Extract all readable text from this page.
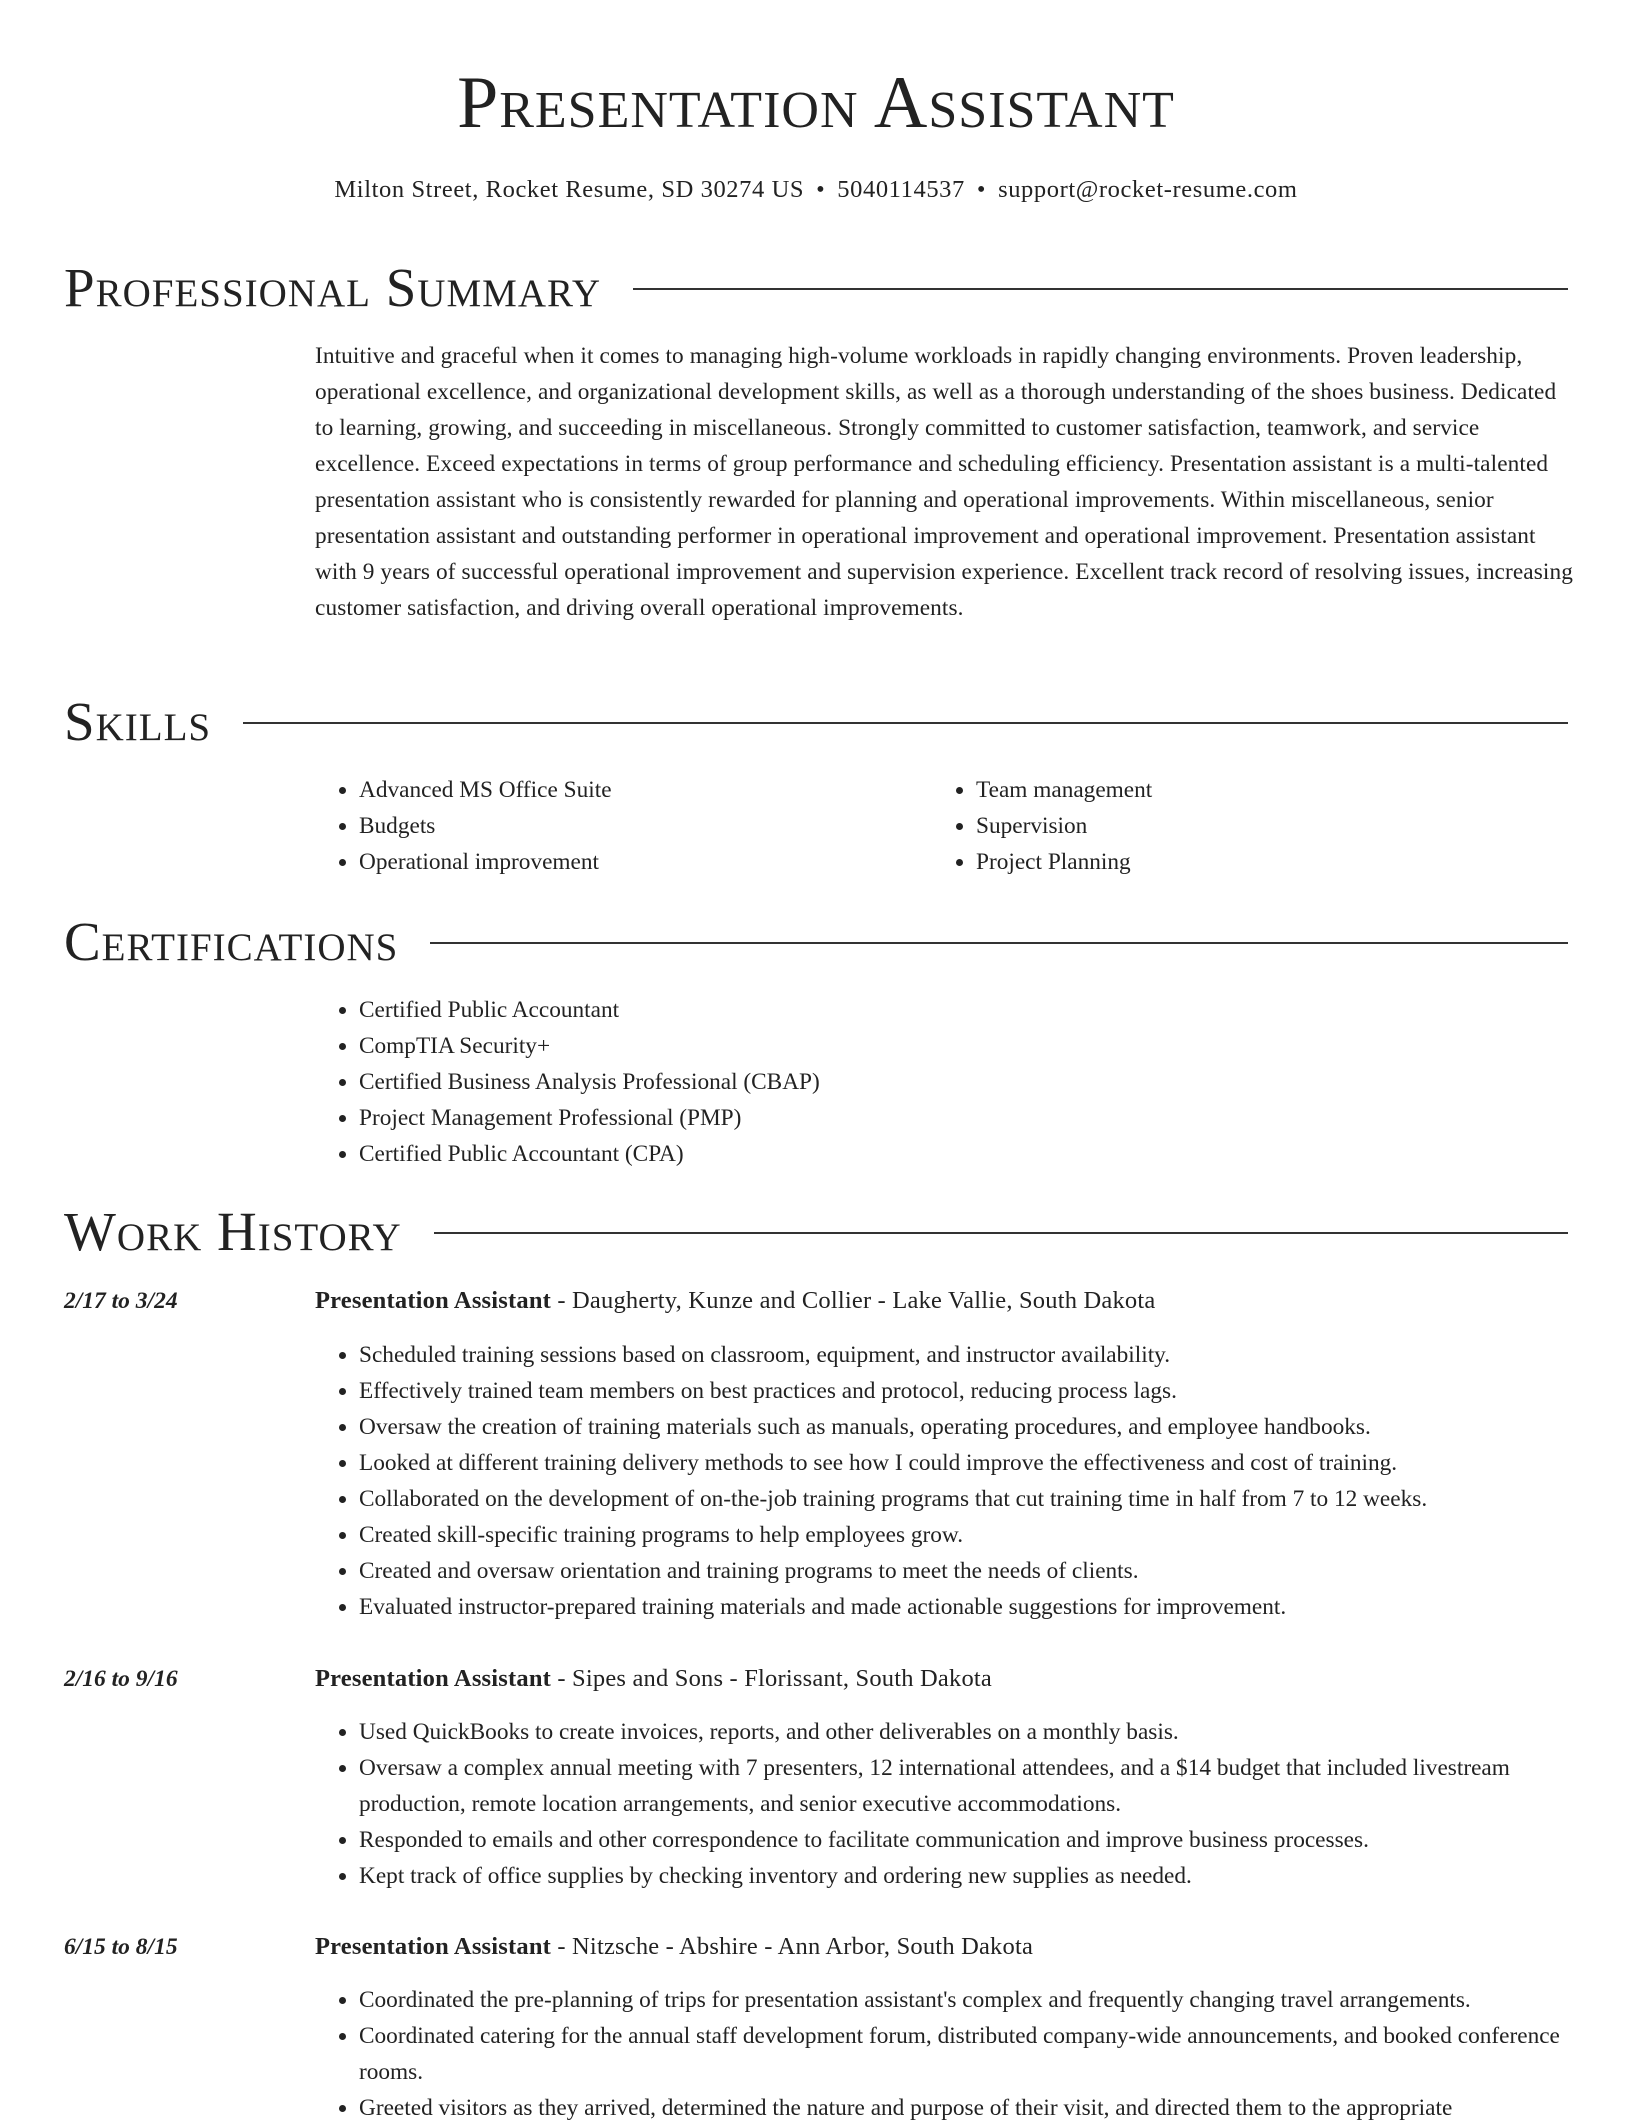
Presentation Assistant
Milton Street, Rocket Resume, SD 30274 US • 5040114537 • support@rocket-resume.com
Professional Summary

Intuitive and graceful when it comes to managing high-volume workloads in rapidly changing environments. Proven leadership, operational excellence, and organizational development skills, as well as a thorough understanding of the shoes business. Dedicated to learning, growing, and succeeding in miscellaneous. Strongly committed to customer satisfaction, teamwork, and service excellence. Exceed expectations in terms of group performance and scheduling efficiency. Presentation assistant is a multi-talented presentation assistant who is consistently rewarded for planning and operational improvements. Within miscellaneous, senior presentation assistant and outstanding performer in operational improvement and operational improvement. Presentation assistant with 9 years of successful operational improvement and supervision experience. Excellent track record of resolving issues, increasing customer satisfaction, and driving overall operational improvements.

Skills
• Advanced MS Office Suite
• Budgets
• Operational improvement
• Team management
• Supervision
• Project Planning
Certifications
• Certified Public Accountant
• CompTIA Security+
• Certified Business Analysis Professional (CBAP)
• Project Management Professional (PMP)
• Certified Public Accountant (CPA)
Work History
2/17 to 3/24	Presentation Assistant - Daugherty, Kunze and Collier - Lake Vallie, South Dakota
• Scheduled training sessions based on classroom, equipment, and instructor availability.
• Effectively trained team members on best practices and protocol, reducing process lags.
• Oversaw the creation of training materials such as manuals, operating procedures, and employee handbooks.
• Looked at different training delivery methods to see how I could improve the effectiveness and cost of training.
• Collaborated on the development of on-the-job training programs that cut training time in half from 7 to 12 weeks.
• Created skill-specific training programs to help employees grow.
• Created and oversaw orientation and training programs to meet the needs of clients.
• Evaluated instructor-prepared training materials and made actionable suggestions for improvement.
2/16 to 9/16	Presentation Assistant - Sipes and Sons - Florissant, South Dakota
• Used QuickBooks to create invoices, reports, and other deliverables on a monthly basis.
• Oversaw a complex annual meeting with 7 presenters, 12 international attendees, and a $14 budget that included livestream production, remote location arrangements, and senior executive accommodations.
• Responded to emails and other correspondence to facilitate communication and improve business processes.
• Kept track of office supplies by checking inventory and ordering new supplies as needed.
6/15 to 8/15	Presentation Assistant - Nitzsche - Abshire - Ann Arbor, South Dakota
• Coordinated the pre-planning of trips for presentation assistant's complex and frequently changing travel arrangements.
• Coordinated catering for the annual staff development forum, distributed company-wide announcements, and booked conference rooms.
• Greeted visitors as they arrived, determined the nature and purpose of their visit, and directed them to the appropriate
